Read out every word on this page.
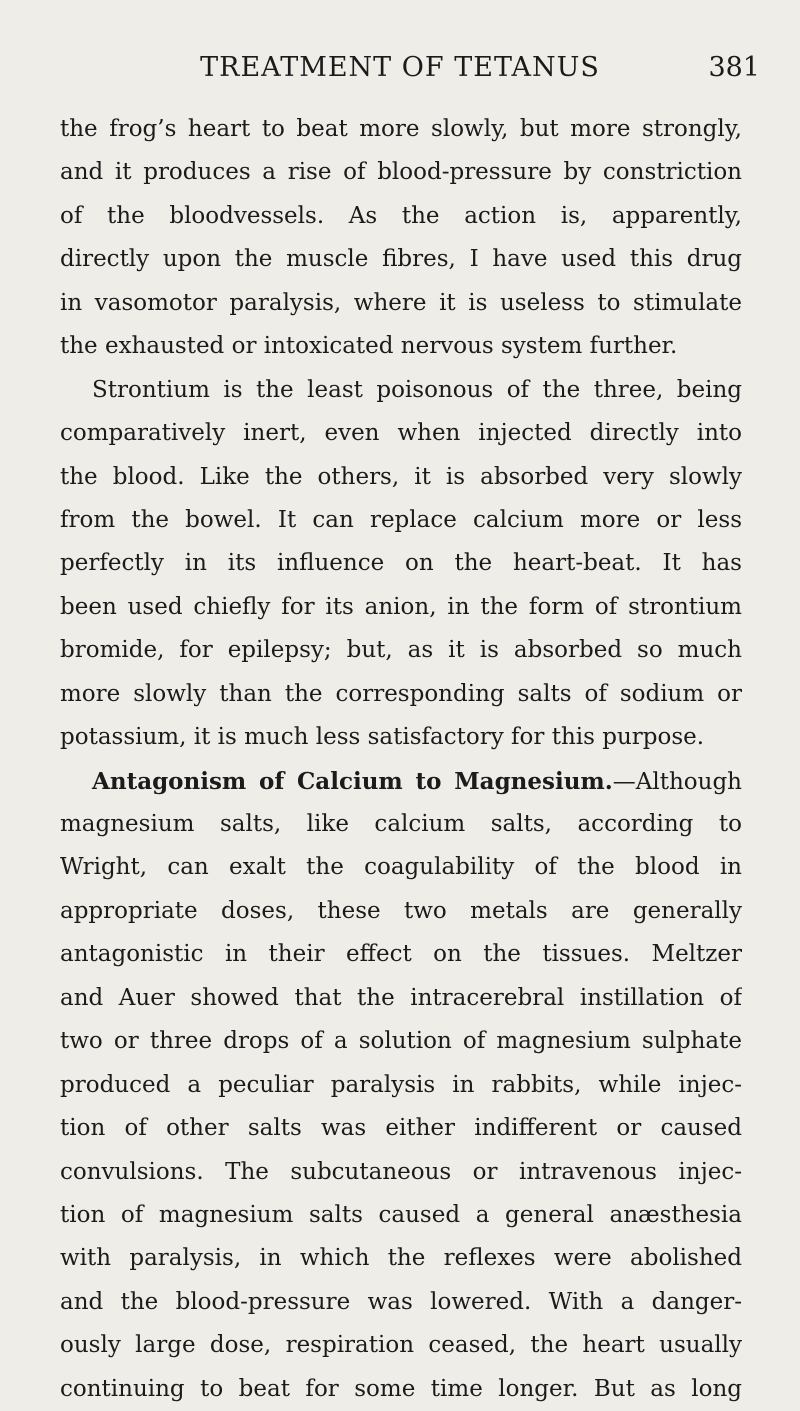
TREATMENT OF TETANUS	381
the frog’s heart to beat more slowly, but more strongly,
and it produces a rise of blood-pressure by constriction
of the bloodvessels. As the action is, apparently,
directly upon the muscle fibres, I have used this drug
in vasomotor paralysis, where it is useless to stimulate
the exhausted or intoxicated nervous system further.
Strontium is the least poisonous of the three, being
comparatively inert, even when injected directly into
the blood. Like the others, it is absorbed very slowly
from the bowel. It can replace calcium more or less
perfectly in its influence on the heart-beat. It has
been used chiefly for its anion, in the form of strontium
bromide, for epilepsy; but, as it is absorbed so much
more slowly than the corresponding salts of sodium or
potassium, it is much less satisfactory for this purpose.
Antagonism of Calcium to Magnesium.—Although
magnesium salts, like calcium salts, according to
Wright, can exalt the coagulability of the blood in
appropriate doses, these two metals are generally
antagonistic in their effect on the tissues. Meltzer
and Auer showed that the intracerebral instillation of
two or three drops of a solution of magnesium sulphate
produced a peculiar paralysis in rabbits, while injec-
tion of other salts was either indifferent or caused
convulsions. The subcutaneous or intravenous injec-
tion of magnesium salts caused a general anæsthesia
with paralysis, in which the reflexes were abolished
and the blood-pressure was lowered. With a danger-
ously large dose, respiration ceased, the heart usually
continuing to beat for some time longer. But as long
